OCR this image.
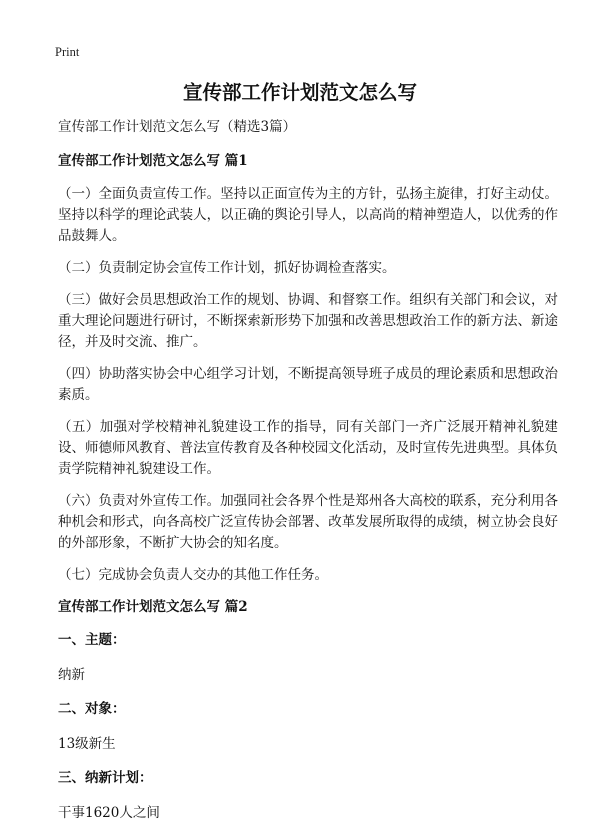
Print
宣传部工作计划范文怎么写

宣传部工作计划范文怎么写（精选3篇）

宣传部工作计划范文怎么写 篇1

（一）全面负责宣传工作。坚持以正面宣传为主的方针，弘扬主旋律，打好主动仗。坚持以科学的理论武装人，以正确的舆论引导人，以高尚的精神塑造人，以优秀的作品鼓舞人。

（二）负责制定协会宣传工作计划，抓好协调检查落实。

（三）做好会员思想政治工作的规划、协调、和督察工作。组织有关部门和会议，对重大理论问题进行研讨，不断探索新形势下加强和改善思想政治工作的新方法、新途径，并及时交流、推广。

（四）协助落实协会中心组学习计划，不断提高领导班子成员的理论素质和思想政治素质。

（五）加强对学校精神礼貌建设工作的指导，同有关部门一齐广泛展开精神礼貌建设、师德师风教育、普法宣传教育及各种校园文化活动，及时宣传先进典型。具体负责学院精神礼貌建设工作。

（六）负责对外宣传工作。加强同社会各界个性是郑州各大高校的联系，充分利用各种机会和形式，向各高校广泛宣传协会部署、改革发展所取得的成绩，树立协会良好的外部形象，不断扩大协会的知名度。

（七）完成协会负责人交办的其他工作任务。

宣传部工作计划范文怎么写 篇2

一、主题：

纳新

二、对象：

13级新生

三、纳新计划：

干事1620人之间
